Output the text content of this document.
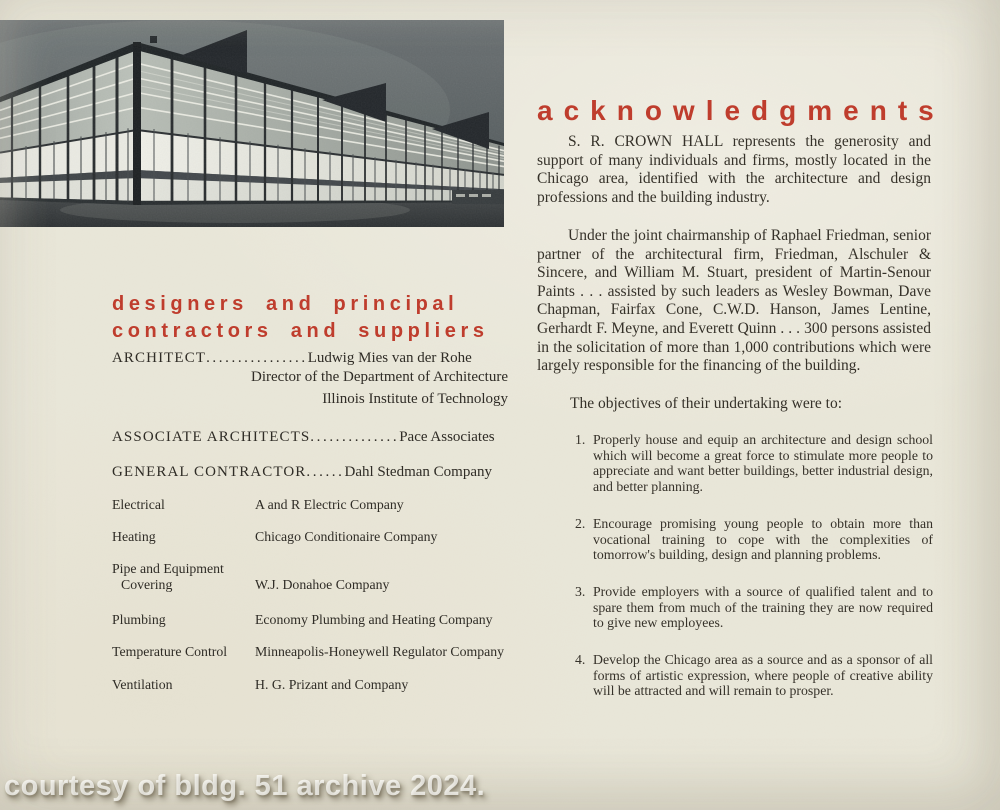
designers and principal
contractors and suppliers
ARCHITECT................Ludwig Mies van der Rohe
Director of the Department of Architecture
Illinois Institute of Technology
ASSOCIATE ARCHITECTS..............Pace Associates
GENERAL CONTRACTOR......Dahl Stedman Company
Electrical	A and R Electric Company
Heating	Chicago Conditionaire Company
Pipe and Equipment
Covering	W.J. Donahoe Company
Plumbing	Economy Plumbing and Heating Company
Temperature Control	Minneapolis-Honeywell Regulator Company
Ventilation	H. G. Prizant and Company
acknowledgments
S. R. CROWN HALL represents the generosity and support of many individuals and firms, mostly located in the Chicago area, identified with the architecture and design professions and the building industry.
Under the joint chairmanship of Raphael Friedman, senior partner of the architectural firm, Friedman, Alschuler & Sincere, and William M. Stuart, president of Martin-Senour Paints . . . assisted by such leaders as Wesley Bowman, Dave Chapman, Fairfax Cone, C.W.D. Hanson, James Lentine, Gerhardt F. Meyne, and Everett Quinn . . . 300 persons assisted in the solicitation of more than 1,000 contributions which were largely responsible for the financing of the building.
The objectives of their undertaking were to:
1. Properly house and equip an architecture and design school which will become a great force to stimulate more people to appreciate and want better buildings, better industrial design, and better planning.
2. Encourage promising young people to obtain more than vocational training to cope with the complexities of tomorrow's building, design and planning problems.
3. Provide employers with a source of qualified talent and to spare them from much of the training they are now required to give new employees.
4. Develop the Chicago area as a source and as a sponsor of all forms of artistic expression, where people of creative ability will be attracted and will remain to prosper.
courtesy of bldg. 51 archive 2024.
